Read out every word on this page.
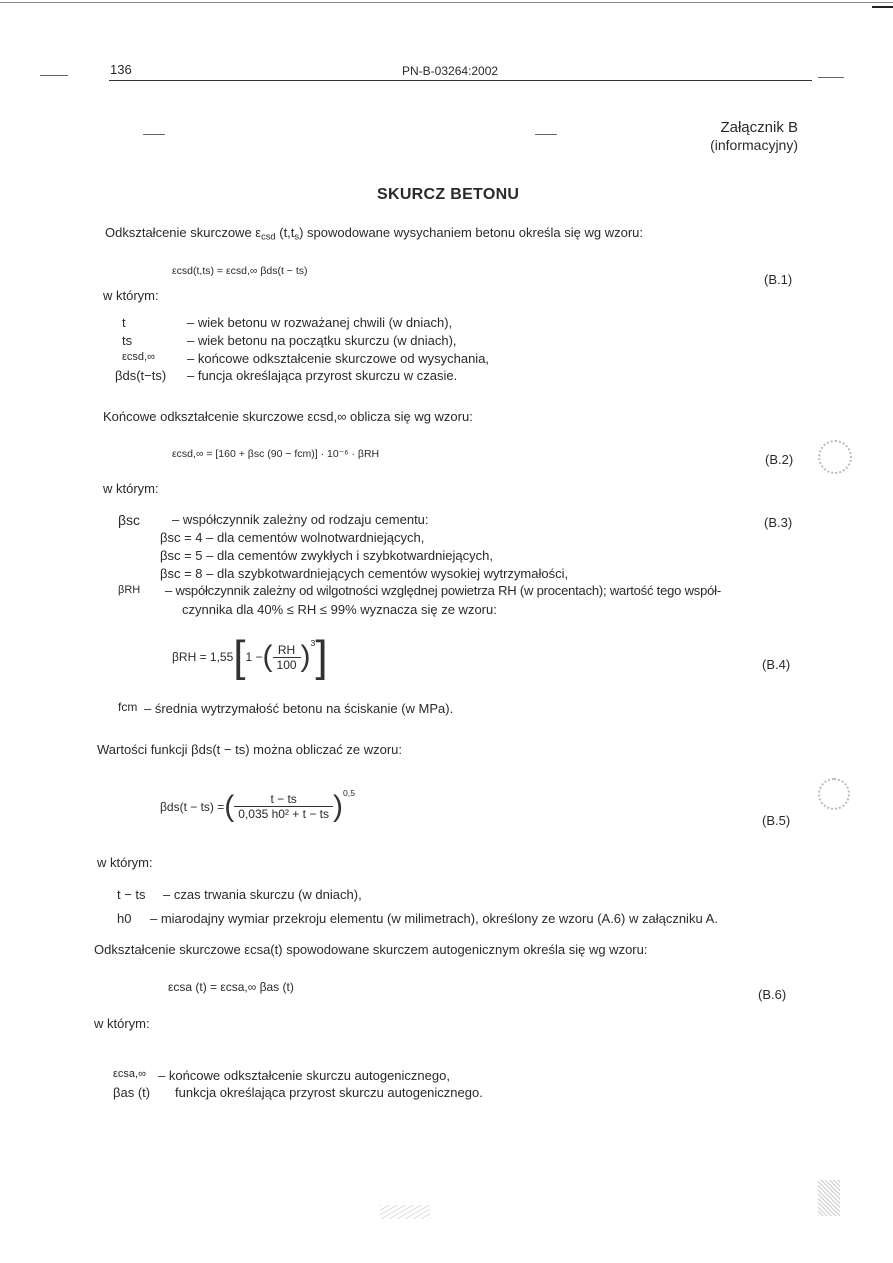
136	PN-B-03264:2002
Załącznik B
(informacyjny)
SKURCZ BETONU
Odkształcenie skurczowe $\varepsilon_{csd}$ $(t,t_s)$ spowodowane wysychaniem betonu określa się wg wzoru:
εcsd(t,ts) = εcsd,∞ βds(t − ts)
(B.1)
w którym:
t	– wiek betonu w rozważanej chwili (w dniach),
ts	– wiek betonu na początku skurczu (w dniach),
εcsd,∞ – końcowe odkształcenie skurczowe od wysychania,
βds(t−ts) – funcja określająca przyrost skurczu w czasie.
Końcowe odkształcenie skurczowe εcsd,∞ oblicza się wg wzoru:
εcsd,∞ = [160 + βsc (90 − fcm)] · 10⁻⁶ · βRH	(B.2)
w którym:
βsc – współczynnik zależny od rodzaju cementu:	(B.3)
βsc = 4 – dla cementów wolnotwardniejących,
βsc = 5 – dla cementów zwykłych i szybkotwardniejących,
βsc = 8 – dla szybkotwardniejących cementów wysokiej wytrzymałości,
βRH – współczynnik zależny od wilgotności względnej powietrza RH (w procentach); wartość tego współ-
czynnika dla 40% ≤ RH ≤ 99% wyznacza się ze wzoru:
βRH = 1,55[1 −( $\frac{RH}{100} )^3$]	(B.4)
fcm – średnia wytrzymałość betonu na ściskanie (w MPa).
Wartości funkcji βds(t − ts) można obliczać ze wzoru:
βds(t − ts) =( $\frac{t - ts}{\text{0,035 h0² + t − ts}} )^{0,5}$
(B.5)
w którym:
t − ts – czas trwania skurczu (w dniach),
h0 – miarodajny wymiar przekroju elementu (w milimetrach), określony ze wzoru (A.6) w załączniku A.
Odkształcenie skurczowe εcsa(t) spowodowane skurczem autogenicznym określa się wg wzoru:
εcsa (t) = εcsa,∞ βas (t)	(B.6)
w którym:
εcsa,∞ – końcowe odkształcenie skurczu autogenicznego,
βas (t) funkcja określająca przyrost skurczu autogenicznego.
